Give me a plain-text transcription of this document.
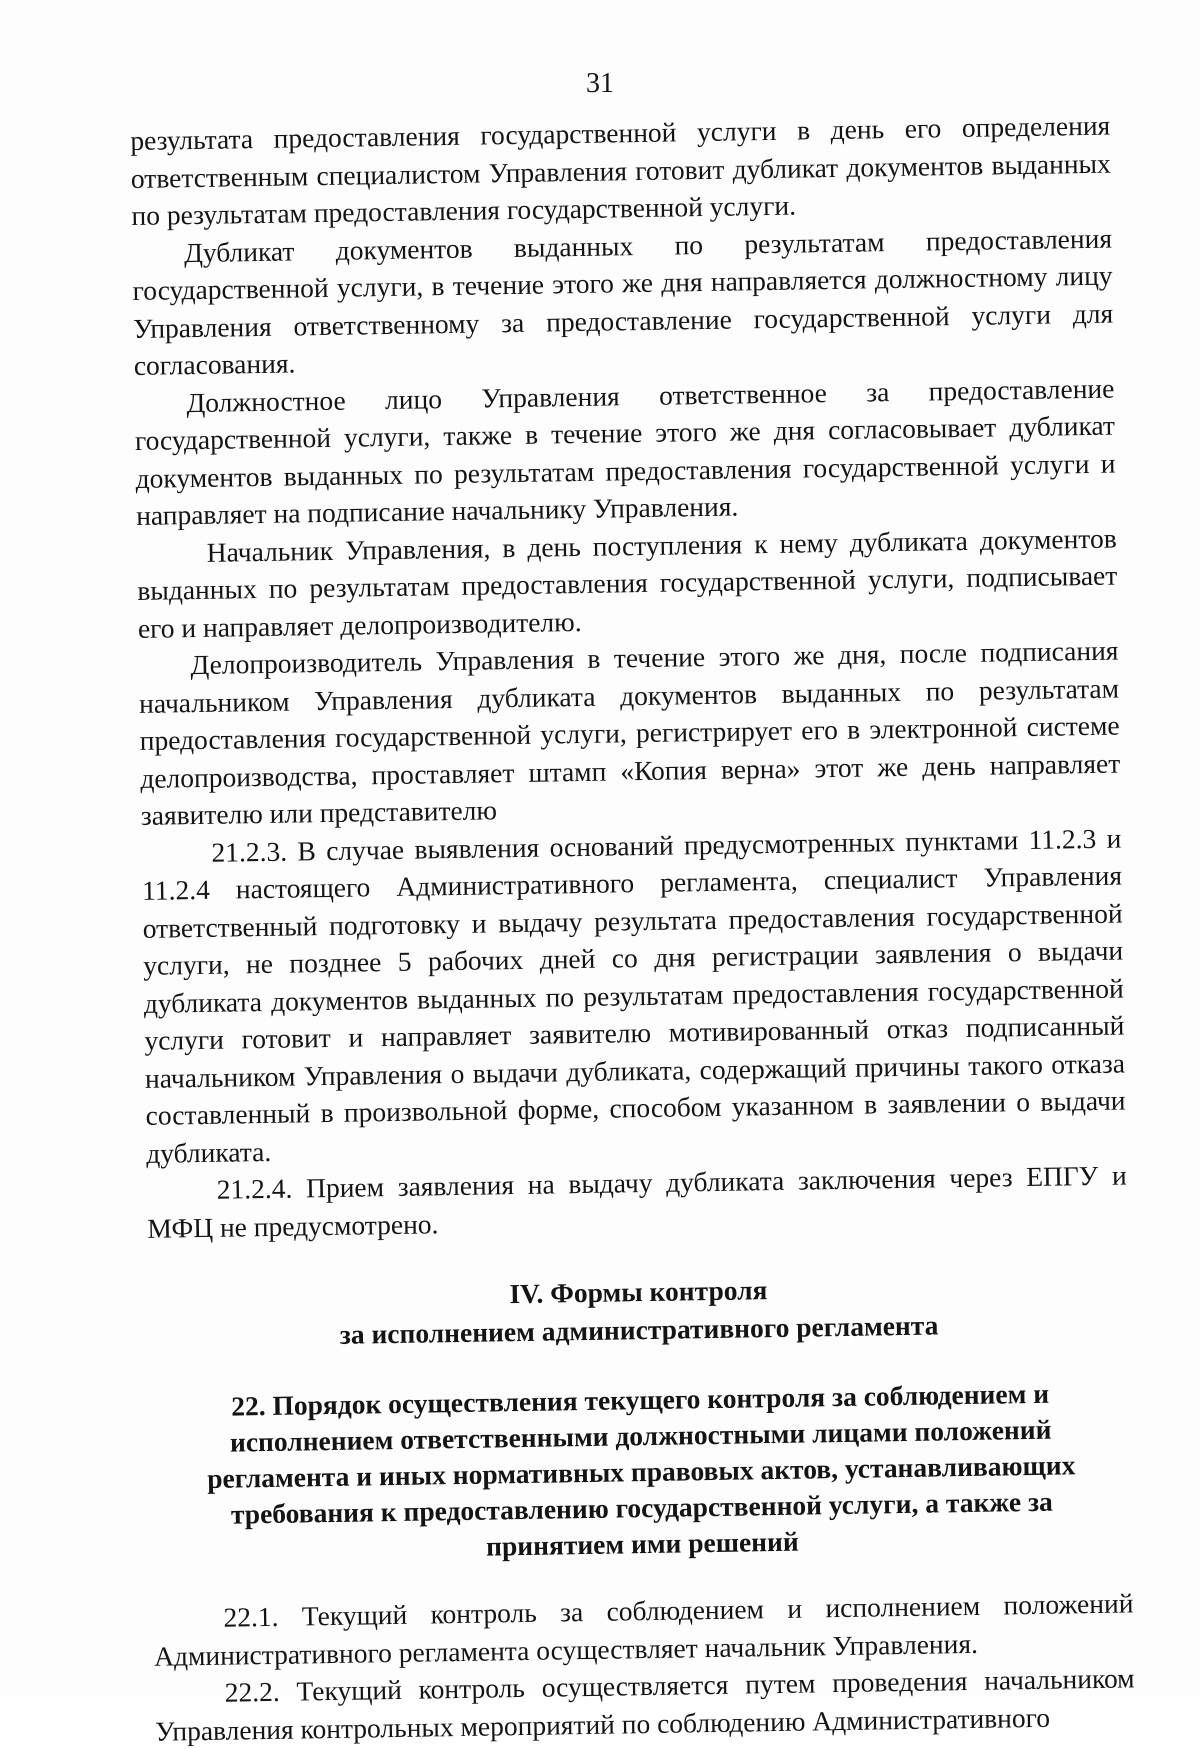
31

результата предоставления государственной услуги в день его определения ответственным специалистом Управления готовит дубликат документов выданных по результатам предоставления государственной услуги.

Дубликат документов выданных по результатам предоставления государственной услуги, в течение этого же дня направляется должностному лицу Управления ответственному за предоставление государственной услуги для согласования.

Должностное лицо Управления ответственное за предоставление государственной услуги, также в течение этого же дня согласовывает дубликат документов выданных по результатам предоставления государственной услуги и направляет на подписание начальнику Управления.

Начальник Управления, в день поступления к нему дубликата документов выданных по результатам предоставления государственной услуги, подписывает его и направляет делопроизводителю.

Делопроизводитель Управления в течение этого же дня, после подписания начальником Управления дубликата документов выданных по результатам предоставления государственной услуги, регистрирует его в электронной системе делопроизводства, проставляет штамп «Копия верна» этот же день направляет заявителю или представителю

21.2.3. В случае выявления оснований предусмотренных пунктами 11.2.3 и 11.2.4 настоящего Административного регламента, специалист Управления ответственный подготовку и выдачу результата предоставления государственной услуги, не позднее 5 рабочих дней со дня регистрации заявления о выдачи дубликата документов выданных по результатам предоставления государственной услуги готовит и направляет заявителю мотивированный отказ подписанный начальником Управления о выдачи дубликата, содержащий причины такого отказа составленный в произвольной форме, способом указанном в заявлении о выдачи дубликата.

21.2.4. Прием заявления на выдачу дубликата заключения через ЕПГУ и МФЦ не предусмотрено.

IV. Формы контроля

за исполнением административного регламента

22. Порядок осуществления текущего контроля за соблюдением и

исполнением ответственными должностными лицами положений

регламента и иных нормативных правовых актов, устанавливающих

требования к предоставлению государственной услуги, а также за

принятием ими решений

22.1. Текущий контроль за соблюдением и исполнением положений Административного регламента осуществляет начальник Управления.

22.2. Текущий контроль осуществляется путем проведения начальником Управления контрольных мероприятий по соблюдению Административного
